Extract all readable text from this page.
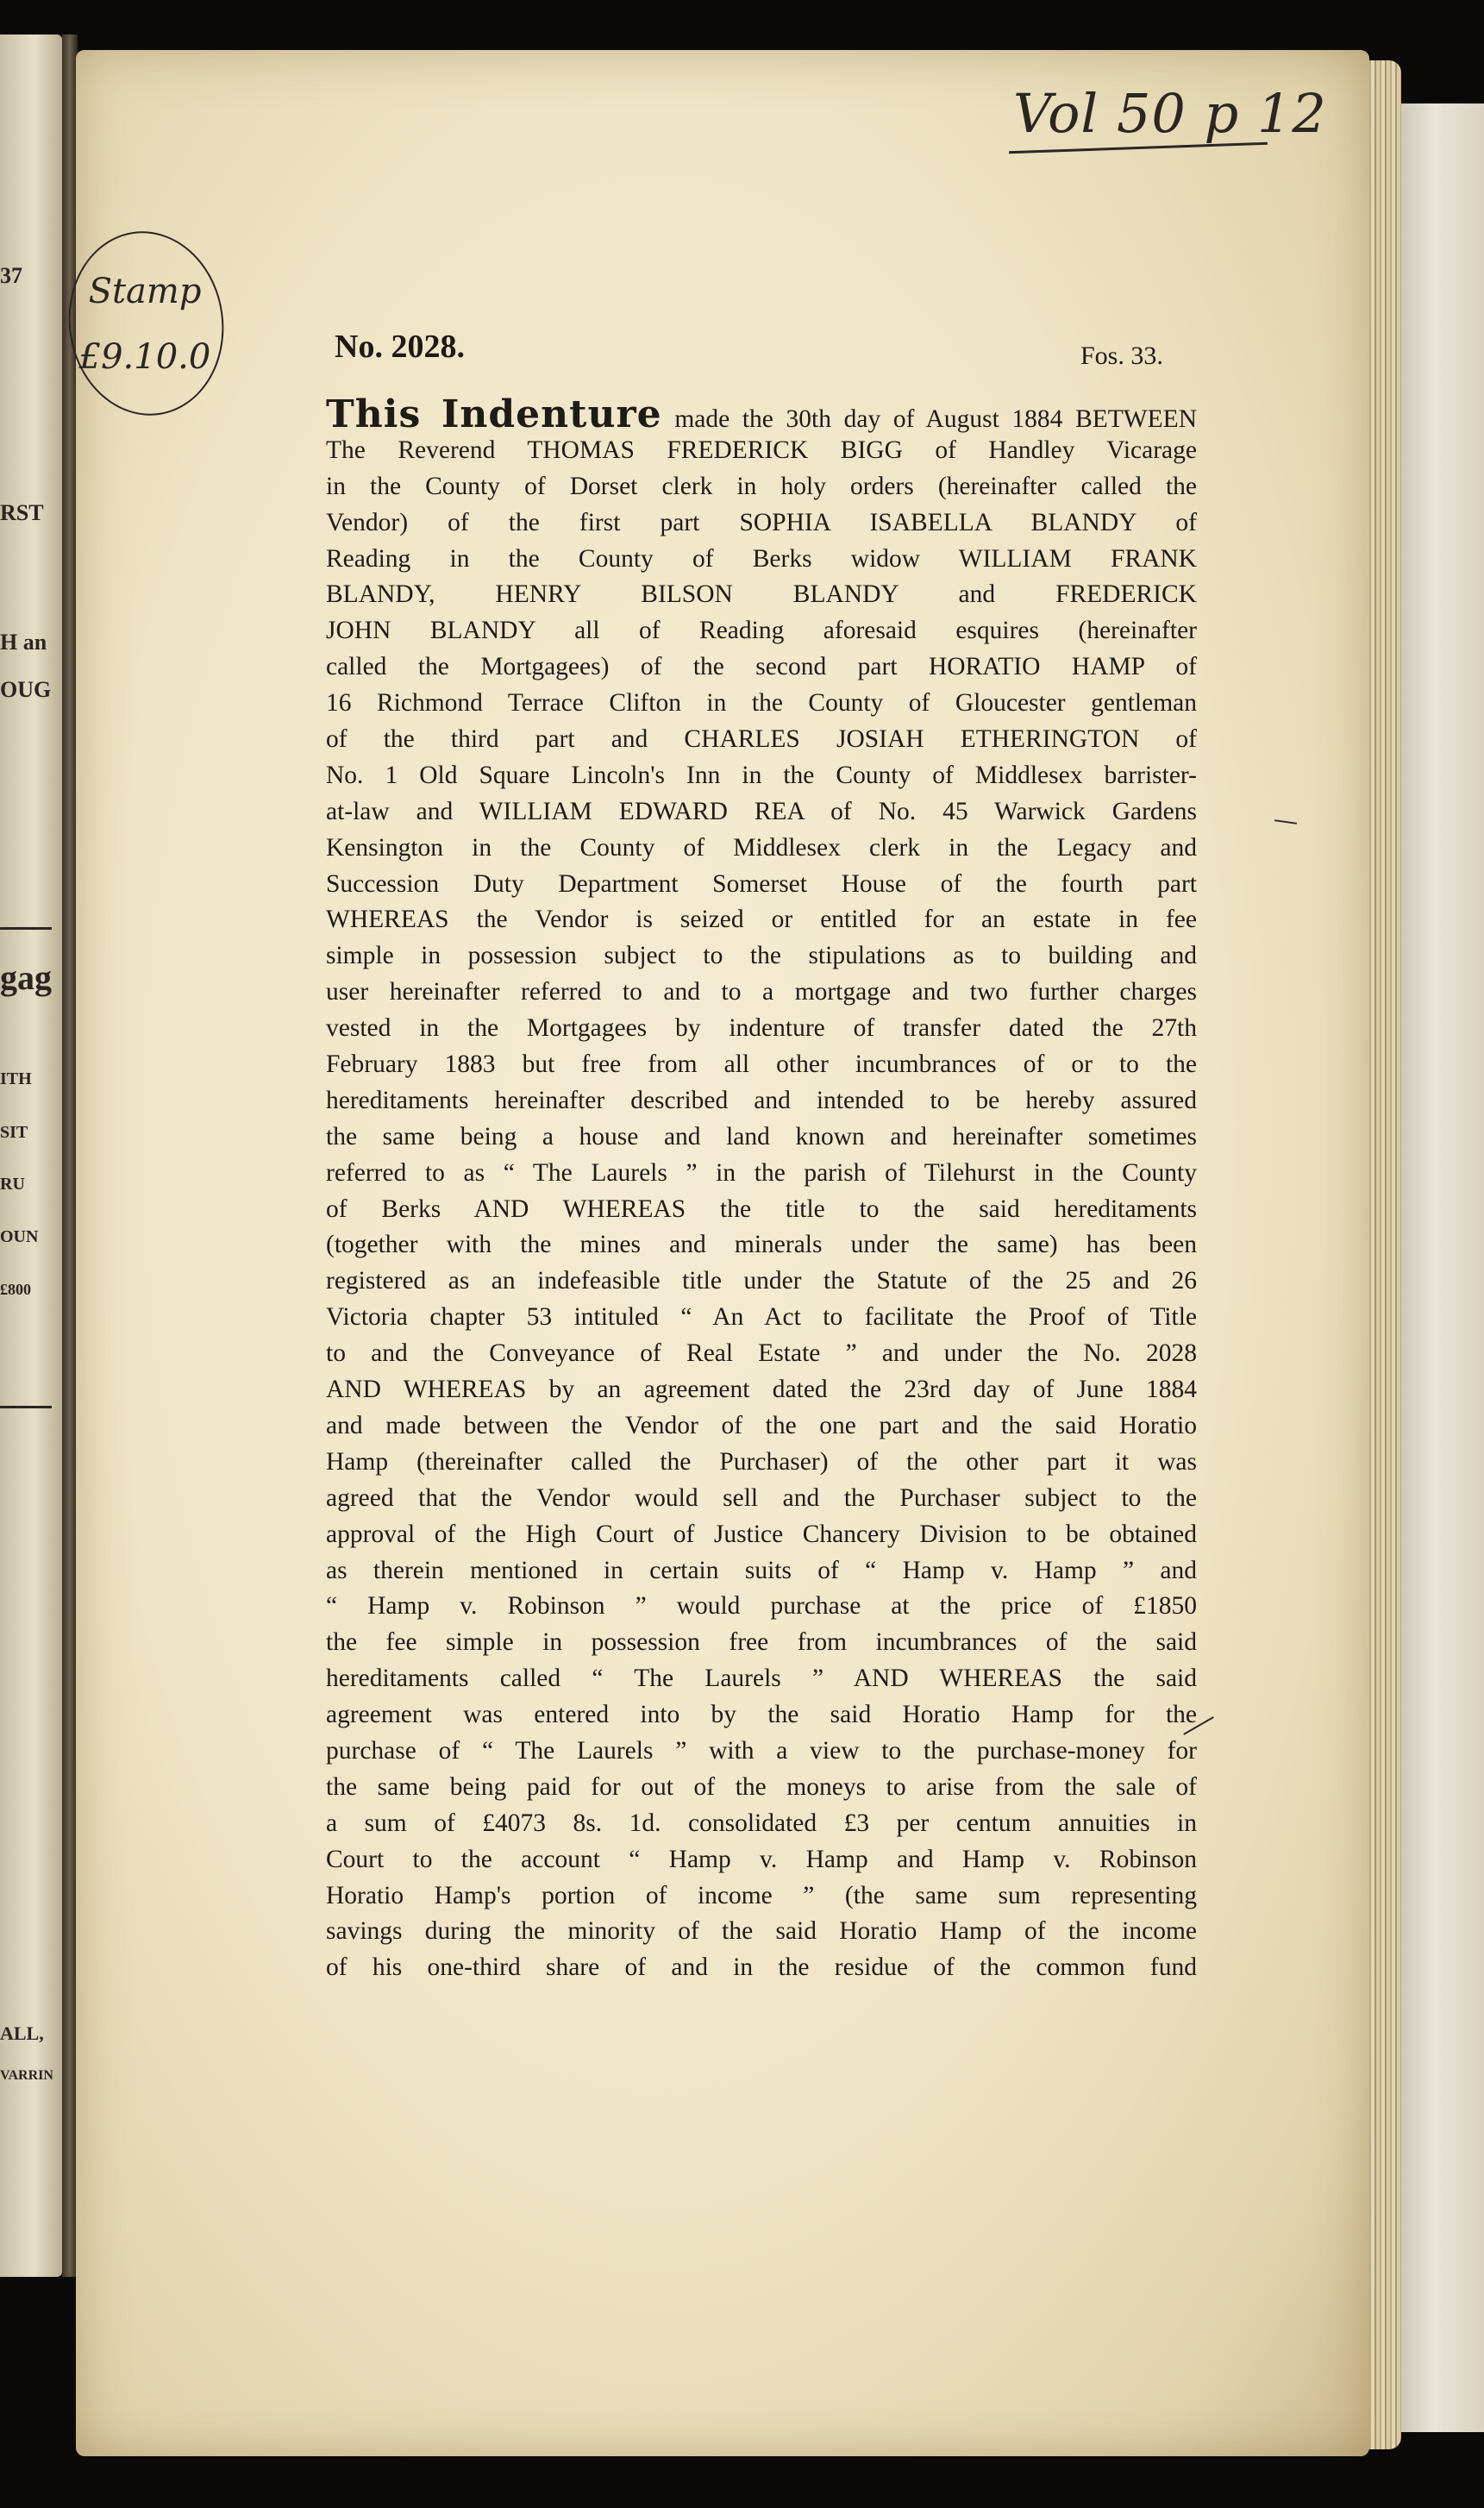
37
RST
H an
OUG
gag
ITH
SIT
RU
OUN
£800
ALL,
VARRIN
Vol 50 p 12
Stamp
£9.10.0	No. 2028.	Fos. 33.
This Indenture made the 30th day of August 1884 BETWEEN
The Reverend THOMAS FREDERICK BIGG of Handley Vicarage
in the County of Dorset clerk in holy orders (hereinafter called the
Vendor) of the first part SOPHIA ISABELLA BLANDY of
Reading in the County of Berks widow WILLIAM FRANK
BLANDY, HENRY BILSON BLANDY and FREDERICK
JOHN BLANDY all of Reading aforesaid esquires (hereinafter
called the Mortgagees) of the second part HORATIO HAMP of
16 Richmond Terrace Clifton in the County of Gloucester gentleman
of the third part and CHARLES JOSIAH ETHERINGTON of
No. 1 Old Square Lincoln's Inn in the County of Middlesex barrister-
at-law and WILLIAM EDWARD REA of No. 45 Warwick Gardens
Kensington in the County of Middlesex clerk in the Legacy and
Succession Duty Department Somerset House of the fourth part
WHEREAS the Vendor is seized or entitled for an estate in fee
simple in possession subject to the stipulations as to building and
user hereinafter referred to and to a mortgage and two further charges
vested in the Mortgagees by indenture of transfer dated the 27th
February 1883 but free from all other incumbrances of or to the
hereditaments hereinafter described and intended to be hereby assured
the same being a house and land known and hereinafter sometimes
referred to as “ The Laurels ” in the parish of Tilehurst in the County
of Berks AND WHEREAS the title to the said hereditaments
(together with the mines and minerals under the same) has been
registered as an indefeasible title under the Statute of the 25 and 26
Victoria chapter 53 intituled “ An Act to facilitate the Proof of Title
to and the Conveyance of Real Estate ” and under the No. 2028
AND WHEREAS by an agreement dated the 23rd day of June 1884
and made between the Vendor of the one part and the said Horatio
Hamp (thereinafter called the Purchaser) of the other part it was
agreed that the Vendor would sell and the Purchaser subject to the
approval of the High Court of Justice Chancery Division to be obtained
as therein mentioned in certain suits of “ Hamp v. Hamp ” and
“ Hamp v. Robinson ” would purchase at the price of £1850
the fee simple in possession free from incumbrances of the said
hereditaments called “ The Laurels ” AND WHEREAS the said
agreement was entered into by the said Horatio Hamp for the
purchase of “ The Laurels ” with a view to the purchase-money for
the same being paid for out of the moneys to arise from the sale of
a sum of £4073 8s. 1d. consolidated £3 per centum annuities in
Court to the account “ Hamp v. Hamp and Hamp v. Robinson
Horatio Hamp's portion of income ” (the same sum representing
savings during the minority of the said Horatio Hamp of the income
of his one-third share of and in the residue of the common fund
